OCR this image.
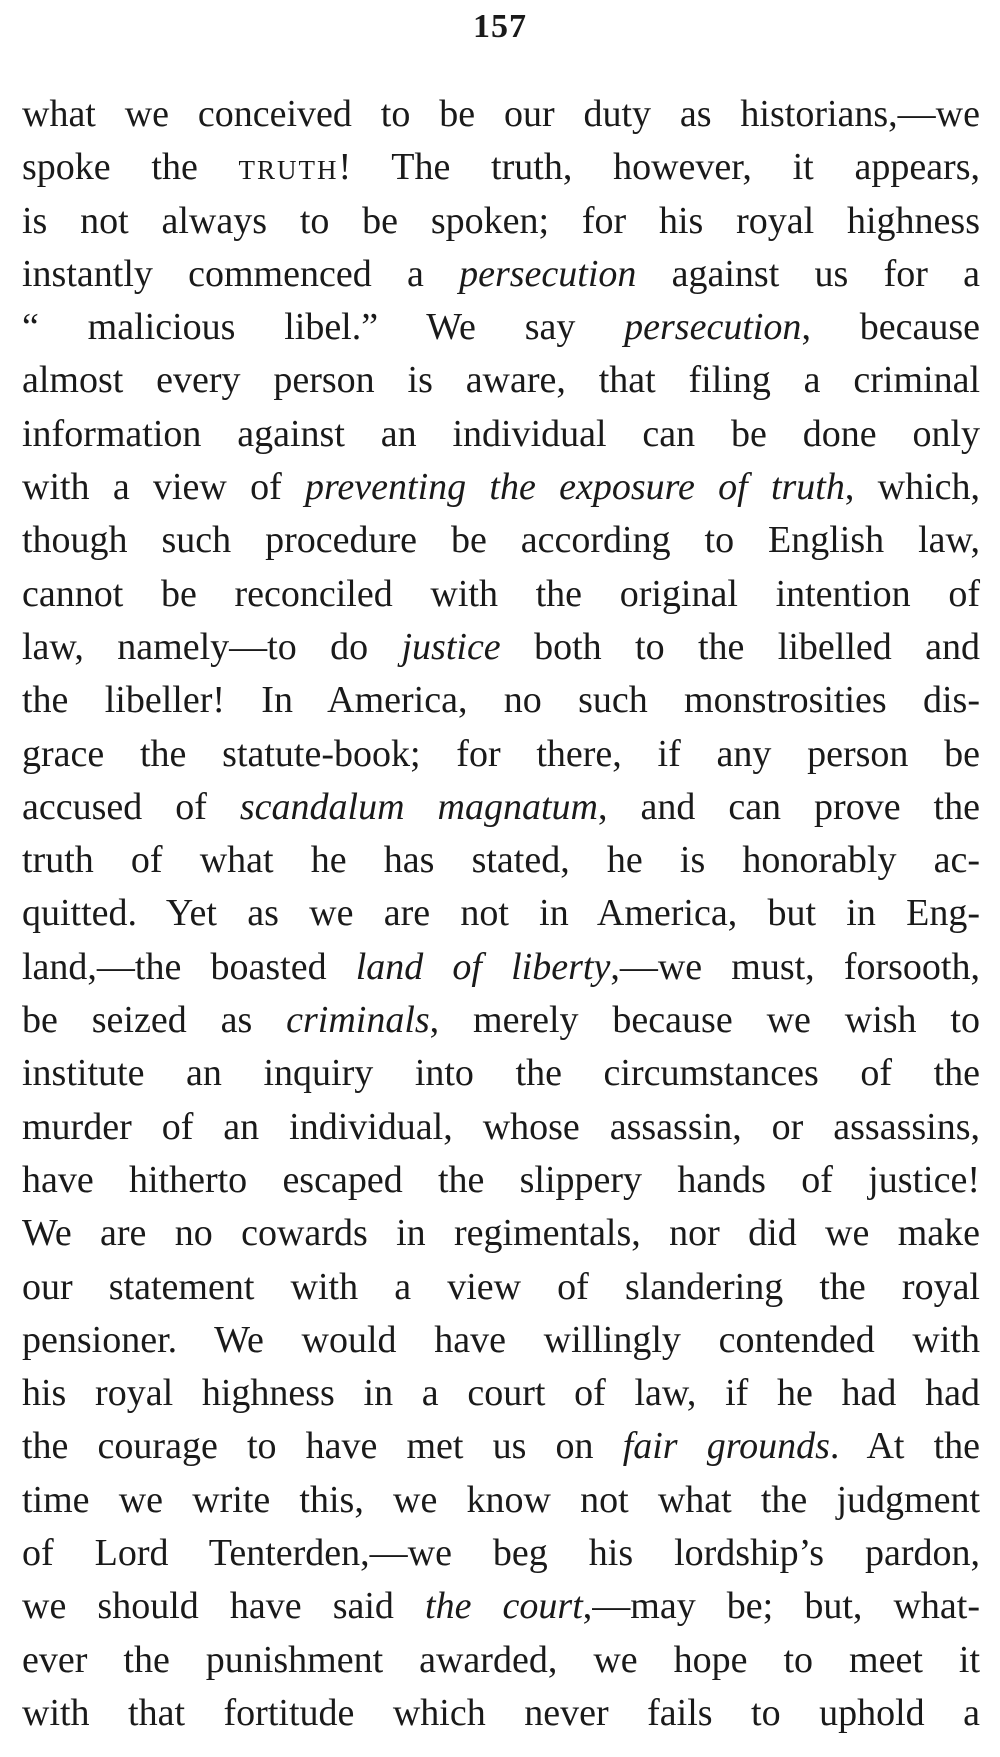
157
what we conceived to be our duty as historians,—we
spoke the truth! The truth, however, it appears,
is not always to be spoken; for his royal highness
instantly commenced a persecution against us for a
“ malicious libel.” We say persecution, because
almost every person is aware, that filing a criminal
information against an individual can be done only
with a view of preventing the exposure of truth, which,
though such procedure be according to English law,
cannot be reconciled with the original intention of
law, namely—to do justice both to the libelled and
the libeller! In America, no such monstrosities dis-
grace the statute-book; for there, if any person be
accused of scandalum magnatum, and can prove the
truth of what he has stated, he is honorably ac-
quitted. Yet as we are not in America, but in Eng-
land,—the boasted land of liberty,—we must, forsooth,
be seized as criminals, merely because we wish to
institute an inquiry into the circumstances of the
murder of an individual, whose assassin, or assassins,
have hitherto escaped the slippery hands of justice!
We are no cowards in regimentals, nor did we make
our statement with a view of slandering the royal
pensioner. We would have willingly contended with
his royal highness in a court of law, if he had had
the courage to have met us on fair grounds. At the
time we write this, we know not what the judgment
of Lord Tenterden,—we beg his lordship’s pardon,
we should have said the court,—may be; but, what-
ever the punishment awarded, we hope to meet it
with that fortitude which never fails to uphold a
